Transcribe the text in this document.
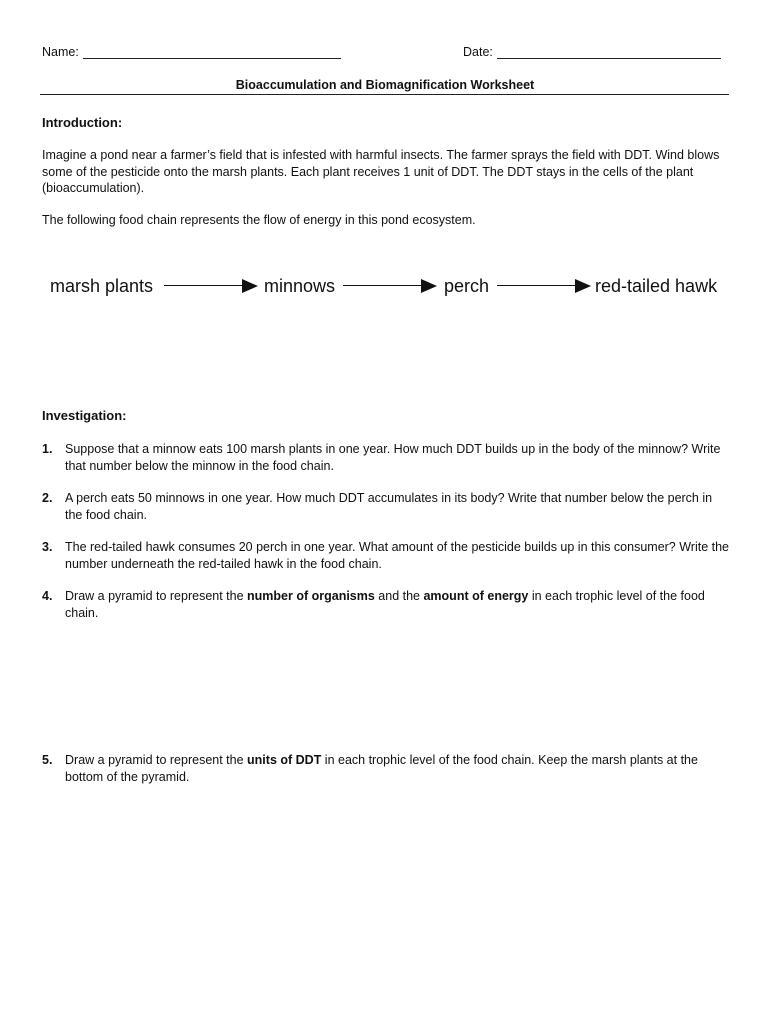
Name:	Date:
Bioaccumulation and Biomagnification Worksheet
Introduction:
Imagine a pond near a farmer’s field that is infested with harmful insects. The farmer sprays the field with DDT. Wind blows some of the pesticide onto the marsh plants. Each plant receives 1 unit of DDT. The DDT stays in the cells of the plant (bioaccumulation).
The following food chain represents the flow of energy in this pond ecosystem.
marsh plants	minnows	perch	red-tailed hawk
Investigation:
1. Suppose that a minnow eats 100 marsh plants in one year. How much DDT builds up in the body of the minnow? Write that number below the minnow in the food chain.
2. A perch eats 50 minnows in one year. How much DDT accumulates in its body? Write that number below the perch in the food chain.
3. The red-tailed hawk consumes 20 perch in one year. What amount of the pesticide builds up in this consumer? Write the number underneath the red-tailed hawk in the food chain.
4. Draw a pyramid to represent the number of organisms and the amount of energy in each trophic level of the food chain.
5. Draw a pyramid to represent the units of DDT in each trophic level of the food chain. Keep the marsh plants at the bottom of the pyramid.
